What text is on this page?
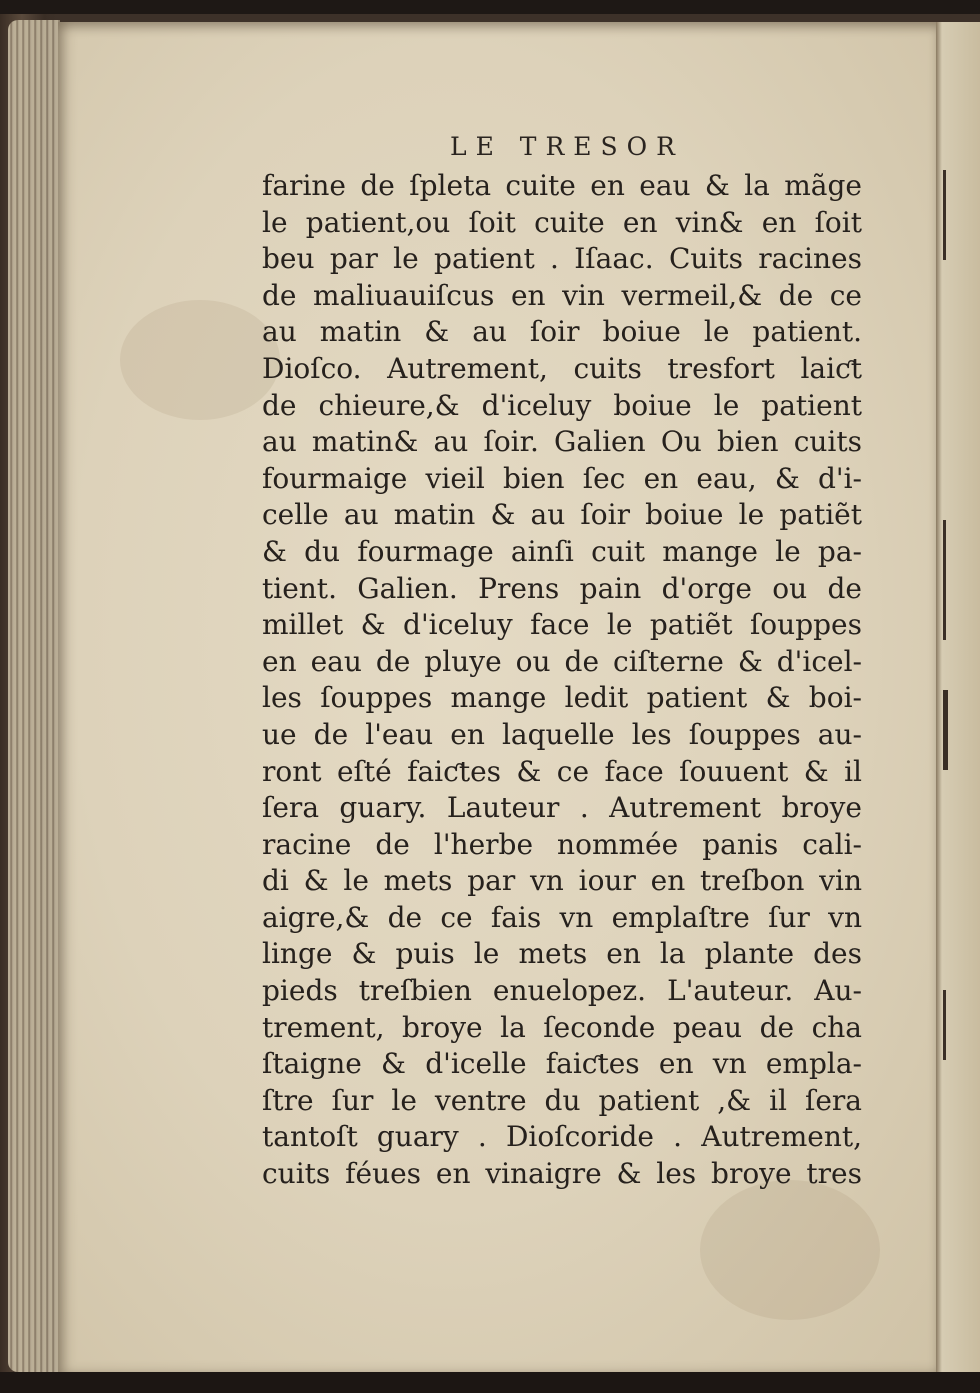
LE TRESOR
farine de ſpleta cuite en eau & la mãge
le patient,ou ſoit cuite en vin& en ſoit
beu par le patient . Iſaac. Cuits racines
de maliuauiſcus en vin vermeil,& de ce
au matin & au ſoir boiue le patient.
Dioſco. Autrement, cuits tresfort laiƈt
de chieure,& d'iceluy boiue le patient
au matin& au ſoir. Galien Ou bien cuits
fourmaige vieil bien ſec en eau, & d'i-
celle au matin & au ſoir boiue le patiẽt
& du fourmage ainſi cuit mange le pa-
tient. Galien. Prens pain d'orge ou de
millet & d'iceluy face le patiẽt ſouppes
en eau de pluye ou de ciſterne & d'icel-
les ſouppes mange ledit patient & boi-
ue de l'eau en laquelle les ſouppes au-
ront eſté faiƈtes & ce face ſouuent & il
ſera guary. Lauteur . Autrement broye
racine de l'herbe nommée panis cali-
di & le mets par vn iour en treſbon vin
aigre,& de ce fais vn emplaſtre ſur vn
linge & puis le mets en la plante des
pieds treſbien enuelopez. L'auteur. Au-
trement, broye la ſeconde peau de cha
ſtaigne & d'icelle faiƈtes en vn empla-
ſtre ſur le ventre du patient ,& il ſera
tantoſt guary . Dioſcoride . Autrement,
cuits féues en vinaigre & les broye tres
